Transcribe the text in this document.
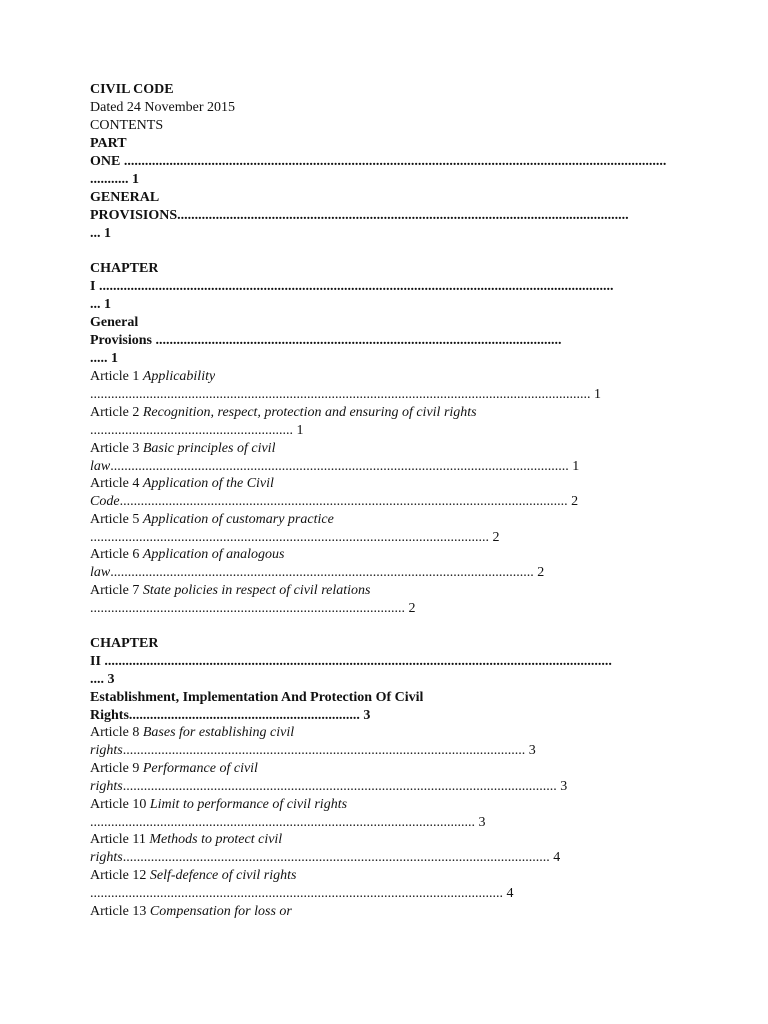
CIVIL CODE
Dated 24 November 2015
CONTENTS
PART
ONE ...........................................................................................................................................................
........... 1
GENERAL
PROVISIONS.................................................................................................................................
... 1
CHAPTER
I ...................................................................................................................................................
... 1
General
Provisions ....................................................................................................................
..... 1
Article 1 Applicability
............................................................................................................................................... 1
Article 2 Recognition, respect, protection and ensuring of civil rights
.......................................................... 1
Article 3 Basic principles of civil
law................................................................................................................................... 1
Article 4 Application of the Civil
Code................................................................................................................................ 2
Article 5 Application of customary practice
.................................................................................................................. 2
Article 6 Application of analogous
law......................................................................................................................... 2
Article 7 State policies in respect of civil relations
.......................................................................................... 2
CHAPTER
II .................................................................................................................................................
.... 3
Establishment, Implementation And Protection Of Civil
Rights.................................................................. 3
Article 8 Bases for establishing civil
rights................................................................................................................... 3
Article 9 Performance of civil
rights............................................................................................................................ 3
Article 10 Limit to performance of civil rights
.............................................................................................................. 3
Article 11 Methods to protect civil
rights.......................................................................................................................... 4
Article 12 Self-defence of civil rights
...................................................................................................................... 4
Article 13 Compensation for loss or
